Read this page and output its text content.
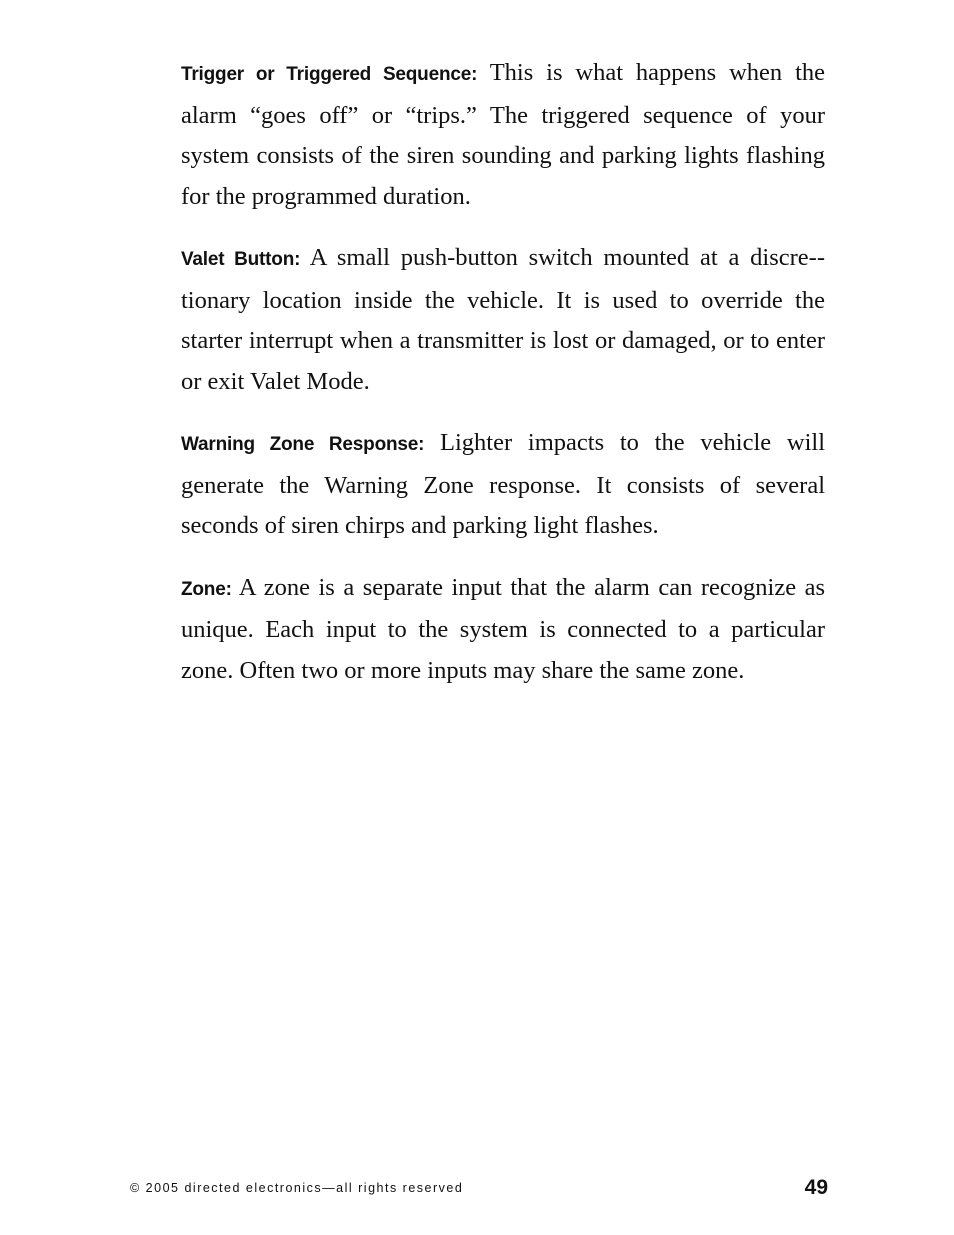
Trigger or Triggered Sequence: This is what happens when the alarm “goes off” or “trips.” The triggered sequence of your system consists of the siren sounding and parking lights flashing for the programmed duration.

Valet Button: A small push-button switch mounted at a discre-tionary location inside the vehicle. It is used to override the starter interrupt when a transmitter is lost or damaged, or to enter or exit Valet Mode.

Warning Zone Response: Lighter impacts to the vehicle will generate the Warning Zone response. It consists of several seconds of siren chirps and parking light flashes.

Zone: A zone is a separate input that the alarm can recognize as unique. Each input to the system is connected to a particular zone. Often two or more inputs may share the same zone.

© 2005 directed electronics—all rights reserved	49
